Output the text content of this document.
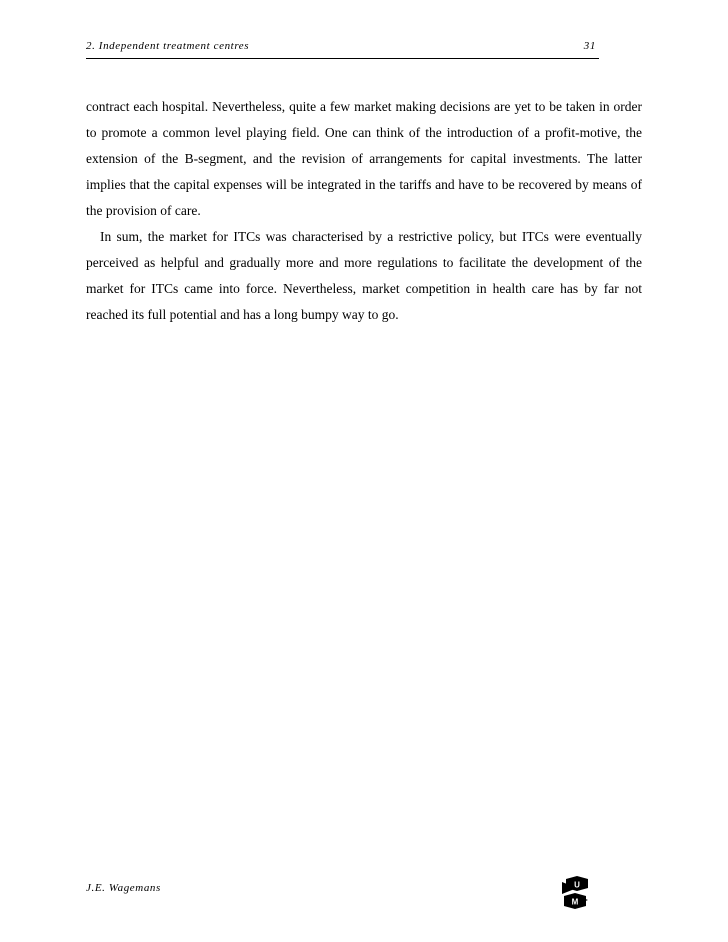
2. Independent treatment centres	31

contract each hospital. Nevertheless, quite a few market making decisions are yet to be taken in order to promote a common level playing field. One can think of the introduction of a profit-motive, the extension of the B-segment, and the revision of arrangements for capital investments. The latter implies that the capital expenses will be integrated in the tariffs and have to be recovered by means of the provision of care.

In sum, the market for ITCs was characterised by a restrictive policy, but ITCs were eventually perceived as helpful and gradually more and more regulations to facilitate the development of the market for ITCs came into force. Nevertheless, market competition in health care has by far not reached its full potential and has a long bumpy way to go.

J.E. Wagemans	U
M
